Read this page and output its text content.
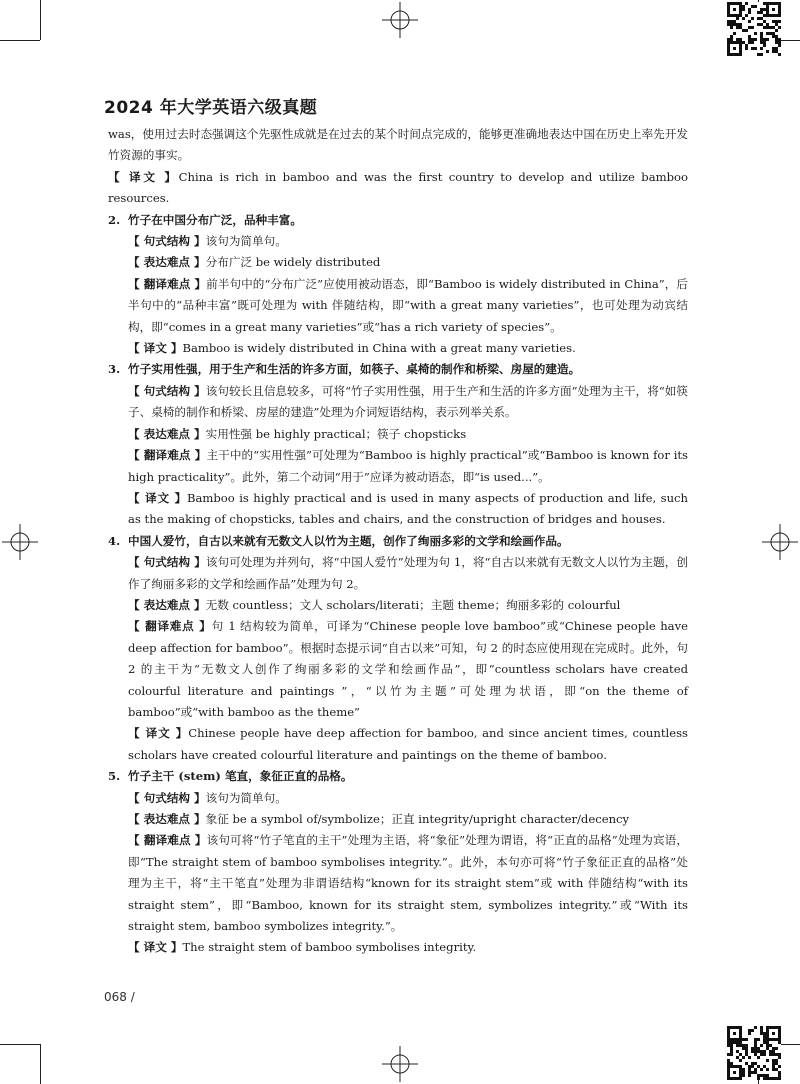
2024 年大学英语六级真题

was，使用过去时态强调这个先驱性成就是在过去的某个时间点完成的，能够更准确地表达中国在历史上率先开发竹资源的事实。

【 译文 】China is rich in bamboo and was the first country to develop and utilize bamboo resources.

2. 竹子在中国分布广泛，品种丰富。

【 句式结构 】该句为简单句。

【 表达难点 】分布广泛 be widely distributed

【 翻译难点 】前半句中的“分布广泛”应使用被动语态，即“Bamboo is widely distributed in China”，后半句中的“品种丰富”既可处理为 with 伴随结构，即“with a great many varieties”，也可处理为动宾结构，即“comes in a great many varieties”或“has a rich variety of species”。

【 译文 】Bamboo is widely distributed in China with a great many varieties.

3. 竹子实用性强，用于生产和生活的许多方面，如筷子、桌椅的制作和桥梁、房屋的建造。

【 句式结构 】该句较长且信息较多，可将“竹子实用性强，用于生产和生活的许多方面”处理为主干，将“如筷子、桌椅的制作和桥梁、房屋的建造”处理为介词短语结构，表示列举关系。

【 表达难点 】实用性强 be highly practical；筷子 chopsticks

【 翻译难点 】主干中的“实用性强”可处理为“Bamboo is highly practical”或“Bamboo is known for its high practicality”。此外，第二个动词“用于”应译为被动语态，即“is used...”。

【 译文 】Bamboo is highly practical and is used in many aspects of production and life, such as the making of chopsticks, tables and chairs, and the construction of bridges and houses.

4. 中国人爱竹，自古以来就有无数文人以竹为主题，创作了绚丽多彩的文学和绘画作品。

【 句式结构 】该句可处理为并列句，将“中国人爱竹”处理为句 1，将“自古以来就有无数文人以竹为主题，创作了绚丽多彩的文学和绘画作品”处理为句 2。

【 表达难点 】无数 countless；文人 scholars/literati；主题 theme；绚丽多彩的 colourful

【 翻译难点 】句 1 结构较为简单，可译为“Chinese people love bamboo”或“Chinese people have deep affection for bamboo”。根据时态提示词“自古以来”可知，句 2 的时态应使用现在完成时。此外，句 2 的主干为“无数文人创作了绚丽多彩的文学和绘画作品”，即“countless scholars have created colourful literature and paintings ”，“以竹为主题”可处理为状语，即“on the theme of bamboo”或“with bamboo as the theme”

【 译文 】Chinese people have deep affection for bamboo, and since ancient times, countless scholars have created colourful literature and paintings on the theme of bamboo.

5. 竹子主干 (stem) 笔直，象征正直的品格。

【 句式结构 】该句为简单句。

【 表达难点 】象征 be a symbol of/symbolize；正直 integrity/upright character/decency

【 翻译难点 】该句可将“竹子笔直的主干”处理为主语，将“象征”处理为谓语，将“正直的品格”处理为宾语，即“The straight stem of bamboo symbolises integrity.”。此外，本句亦可将“竹子象征正直的品格”处理为主干，将“主干笔直”处理为非谓语结构“known for its straight stem”或 with 伴随结构“with its straight stem”，即“Bamboo, known for its straight stem, symbolizes integrity.”或“With its straight stem, bamboo symbolizes integrity.”。

【 译文 】The straight stem of bamboo symbolises integrity.

068 /
